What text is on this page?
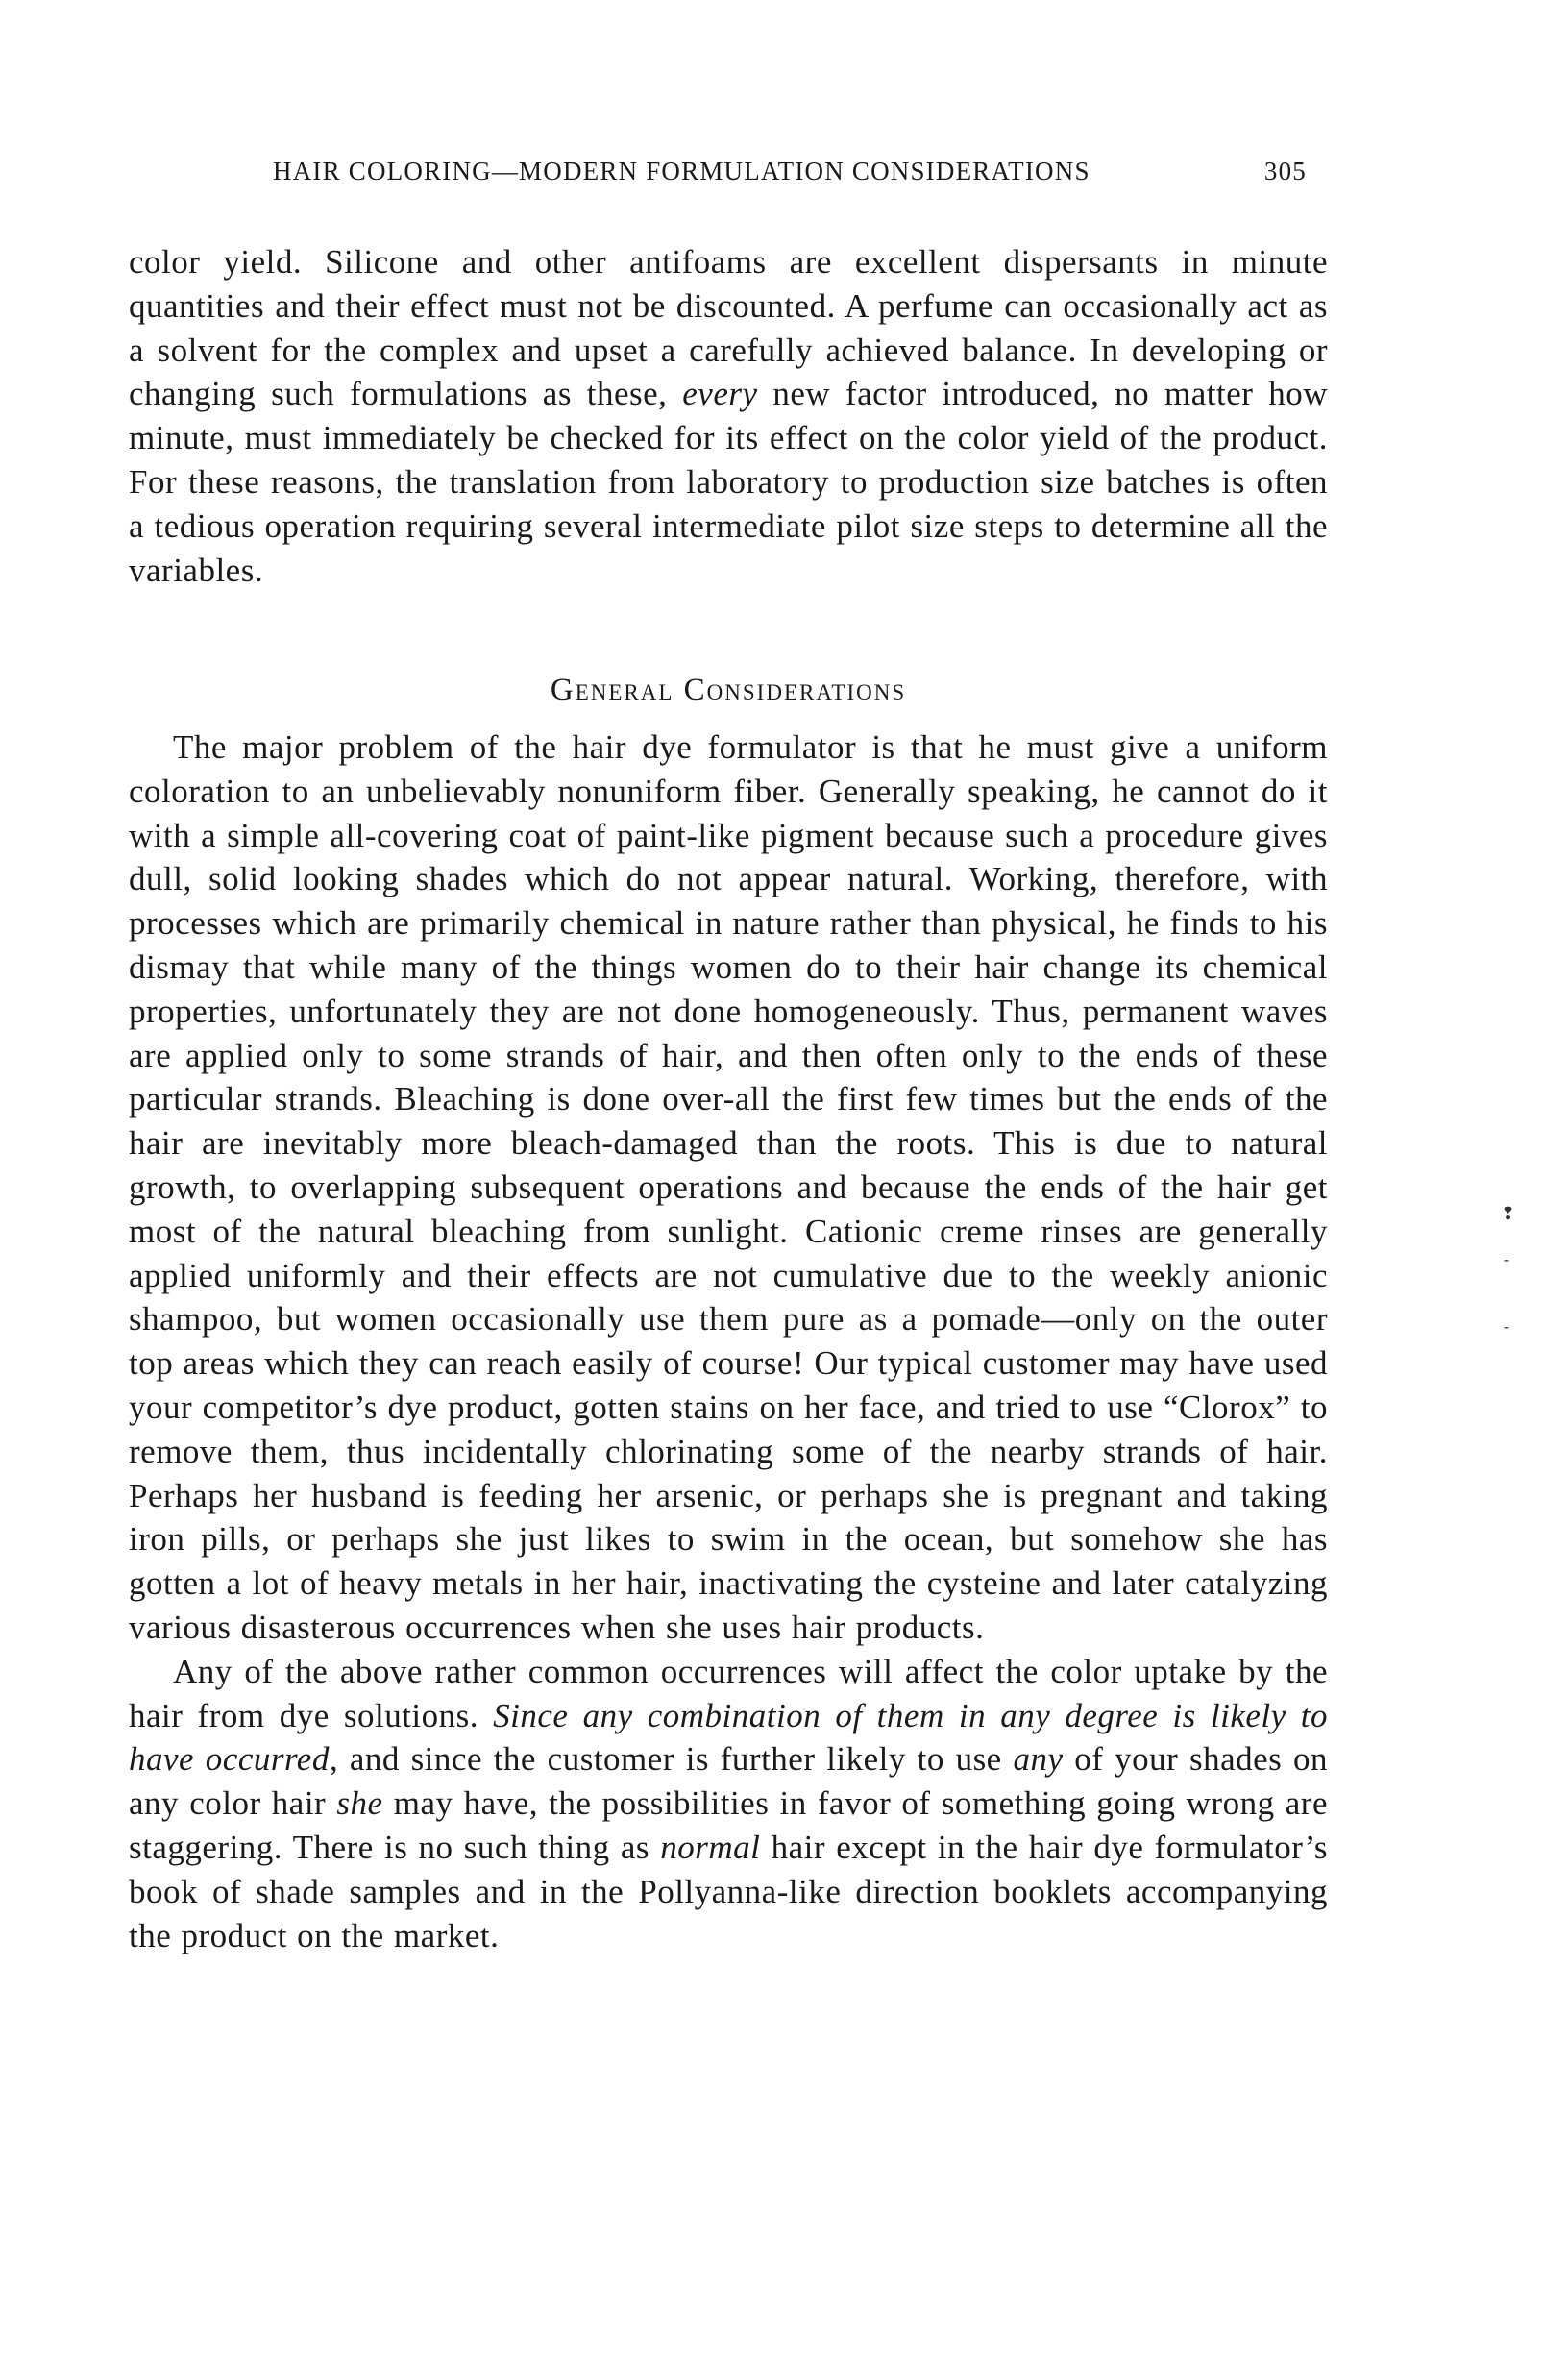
HAIR COLORING—MODERN FORMULATION CONSIDERATIONS	305

color yield. Silicone and other antifoams are excellent dispersants in minute quantities and their effect must not be discounted. A perfume can occasionally act as a solvent for the complex and upset a carefully achieved balance. In developing or changing such formulations as these, every new factor introduced, no matter how minute, must immediately be checked for its effect on the color yield of the product. For these reasons, the translation from laboratory to production size batches is often a tedious operation requiring several intermediate pilot size steps to determine all the variables.

General Considerations

The major problem of the hair dye formulator is that he must give a uniform coloration to an unbelievably nonuniform fiber. Generally speaking, he cannot do it with a simple all-covering coat of paint-like pigment because such a procedure gives dull, solid looking shades which do not appear natural. Working, therefore, with processes which are primarily chemical in nature rather than physical, he finds to his dismay that while many of the things women do to their hair change its chemical properties, unfortunately they are not done homogeneously. Thus, permanent waves are applied only to some strands of hair, and then often only to the ends of these particular strands. Bleaching is done over-all the first few times but the ends of the hair are inevitably more bleach-damaged than the roots. This is due to natural growth, to overlapping subsequent operations and because the ends of the hair get most of the natural bleaching from sunlight. Cationic creme rinses are generally applied uniformly and their effects are not cumulative due to the weekly anionic shampoo, but women occasionally use them pure as a pomade—only on the outer top areas which they can reach easily of course! Our typical customer may have used your competitor’s dye product, gotten stains on her face, and tried to use “Clorox” to remove them, thus incidentally chlorinating some of the nearby strands of hair. Perhaps her husband is feeding her arsenic, or perhaps she is pregnant and taking iron pills, or perhaps she just likes to swim in the ocean, but somehow she has gotten a lot of heavy metals in her hair, inactivating the cysteine and later catalyzing various disasterous occurrences when she uses hair products.

Any of the above rather common occurrences will affect the color uptake by the hair from dye solutions. Since any combination of them in any degree is likely to have occurred, and since the customer is further likely to use any of your shades on any color hair she may have, the possibilities in favor of something going wrong are staggering. There is no such thing as normal hair except in the hair dye formulator’s book of shade samples and in the Pollyanna-like direction booklets accompanying the product on the market.

❢
-
-
